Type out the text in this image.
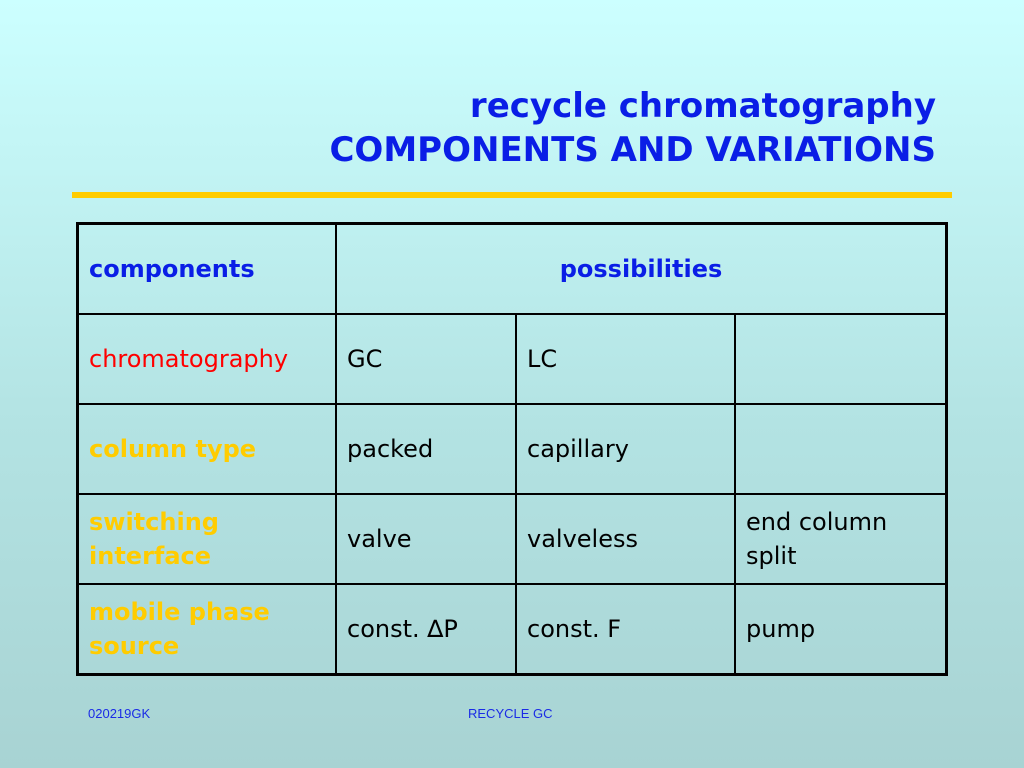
recycle chromatography
COMPONENTS AND VARIATIONS
components	possibilities		
chromatography	GC	LC	
column type	packed	capillary	
switching interface	valve	valveless	end column split
mobile phase source	const. ∆P	const. F	pump
020219GK	RECYCLE GC
